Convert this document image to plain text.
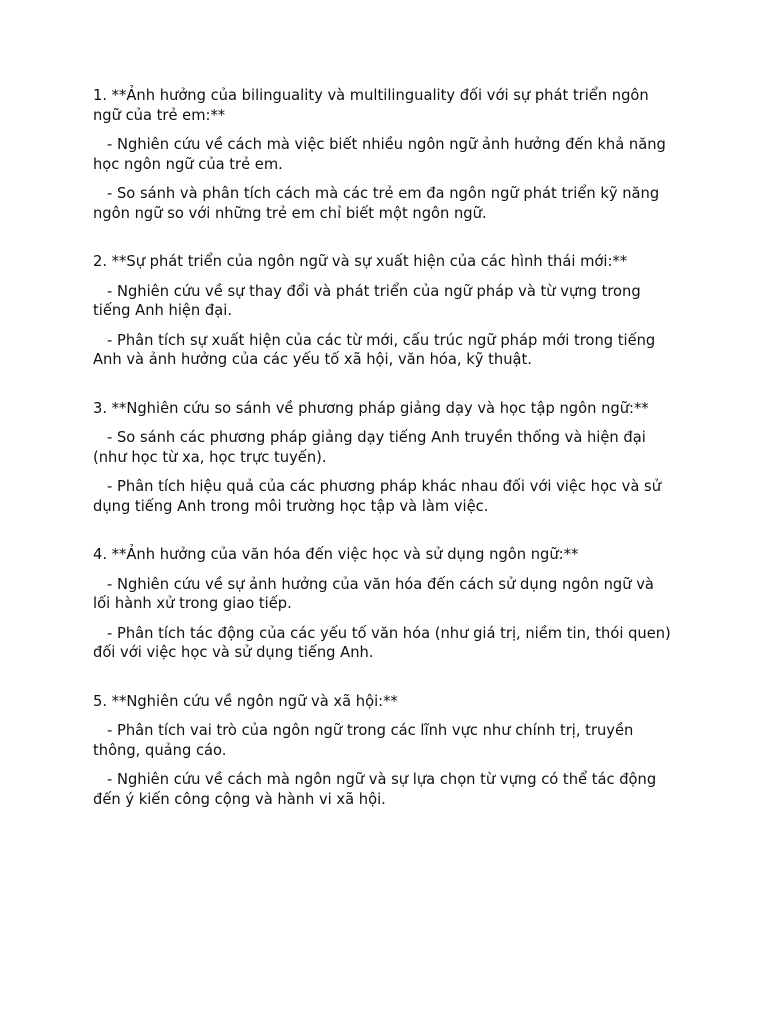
1. **Ảnh hưởng của bilinguality và multilinguality đối với sự phát triển ngôn ngữ của trẻ em:**

- Nghiên cứu về cách mà việc biết nhiều ngôn ngữ ảnh hưởng đến khả năng học ngôn ngữ của trẻ em.

- So sánh và phân tích cách mà các trẻ em đa ngôn ngữ phát triển kỹ năng ngôn ngữ so với những trẻ em chỉ biết một ngôn ngữ.

2. **Sự phát triển của ngôn ngữ và sự xuất hiện của các hình thái mới:**

- Nghiên cứu về sự thay đổi và phát triển của ngữ pháp và từ vựng trong tiếng Anh hiện đại.

- Phân tích sự xuất hiện của các từ mới, cấu trúc ngữ pháp mới trong tiếng Anh và ảnh hưởng của các yếu tố xã hội, văn hóa, kỹ thuật.

3. **Nghiên cứu so sánh về phương pháp giảng dạy và học tập ngôn ngữ:**

- So sánh các phương pháp giảng dạy tiếng Anh truyền thống và hiện đại (như học từ xa, học trực tuyến).

- Phân tích hiệu quả của các phương pháp khác nhau đối với việc học và sử dụng tiếng Anh trong môi trường học tập và làm việc.

4. **Ảnh hưởng của văn hóa đến việc học và sử dụng ngôn ngữ:**

- Nghiên cứu về sự ảnh hưởng của văn hóa đến cách sử dụng ngôn ngữ và lối hành xử trong giao tiếp.

- Phân tích tác động của các yếu tố văn hóa (như giá trị, niềm tin, thói quen) đối với việc học và sử dụng tiếng Anh.

5. **Nghiên cứu về ngôn ngữ và xã hội:**

- Phân tích vai trò của ngôn ngữ trong các lĩnh vực như chính trị, truyền thông, quảng cáo.

- Nghiên cứu về cách mà ngôn ngữ và sự lựa chọn từ vựng có thể tác động đến ý kiến công cộng và hành vi xã hội.
